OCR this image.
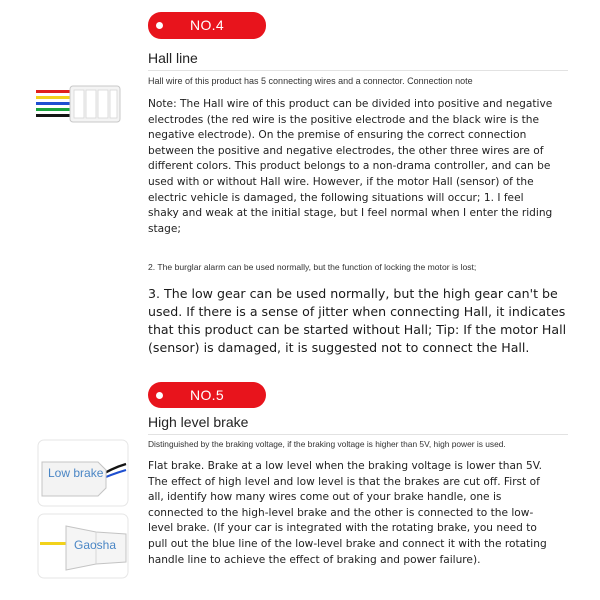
NO.4
Hall line
Hall wire of this product has 5 connecting wires and a connector. Connection note
Note: The Hall wire of this product can be divided into positive and negative electrodes (the red wire is the positive electrode and the black wire is the negative electrode). On the premise of ensuring the correct connection between the positive and negative electrodes, the other three wires are of different colors. This product belongs to a non-drama controller, and can be used with or without Hall wire. However, if the motor Hall (sensor) of the electric vehicle is damaged, the following situations will occur; 1. I feel shaky and weak at the initial stage, but I feel normal when I enter the riding stage;
2. The burglar alarm can be used normally, but the function of locking the motor is lost;
3. The low gear can be used normally, but the high gear can't be used. If there is a sense of jitter when connecting Hall, it indicates that this product can be started without Hall; Tip: If the motor Hall (sensor) is damaged, it is suggested not to connect the Hall.
NO.5
High level brake
Distinguished by the braking voltage, if the braking voltage is higher than 5V, high power is used.
Flat brake. Brake at a low level when the braking voltage is lower than 5V. The effect of high level and low level is that the brakes are cut off. First of all, identify how many wires come out of your brake handle, one is connected to the high-level brake and the other is connected to the low-level brake. (If your car is integrated with the rotating brake, you need to pull out the blue line of the low-level brake and connect it with the rotating handle line to achieve the effect of braking and power failure).
Low brake
Gaosha
